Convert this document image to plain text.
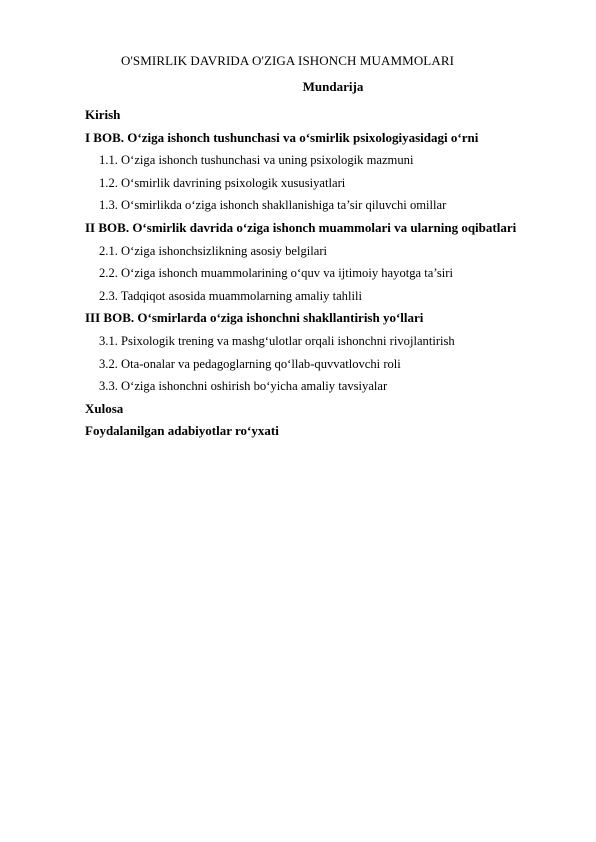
O'SMIRLIK DAVRIDA O'ZIGA ISHONCH MUAMMOLARI
Mundarija
Kirish
I BOB. O‘ziga ishonch tushunchasi va o‘smirlik psixologiyasidagi o‘rni
1.1. O‘ziga ishonch tushunchasi va uning psixologik mazmuni
1.2. O‘smirlik davrining psixologik xususiyatlari
1.3. O‘smirlikda o‘ziga ishonch shakllanishiga ta’sir qiluvchi omillar
II BOB. O‘smirlik davrida o‘ziga ishonch muammolari va ularning oqibatlari
2.1. O‘ziga ishonchsizlikning asosiy belgilari
2.2. O‘ziga ishonch muammolarining o‘quv va ijtimoiy hayotga ta’siri
2.3. Tadqiqot asosida muammolarning amaliy tahlili
III BOB. O‘smirlarda o‘ziga ishonchni shakllantirish yo‘llari
3.1. Psixologik trening va mashg‘ulotlar orqali ishonchni rivojlantirish
3.2. Ota-onalar va pedagoglarning qo‘llab-quvvatlovchi roli
3.3. O‘ziga ishonchni oshirish bo‘yicha amaliy tavsiyalar
Xulosa
Foydalanilgan adabiyotlar ro‘yxati
